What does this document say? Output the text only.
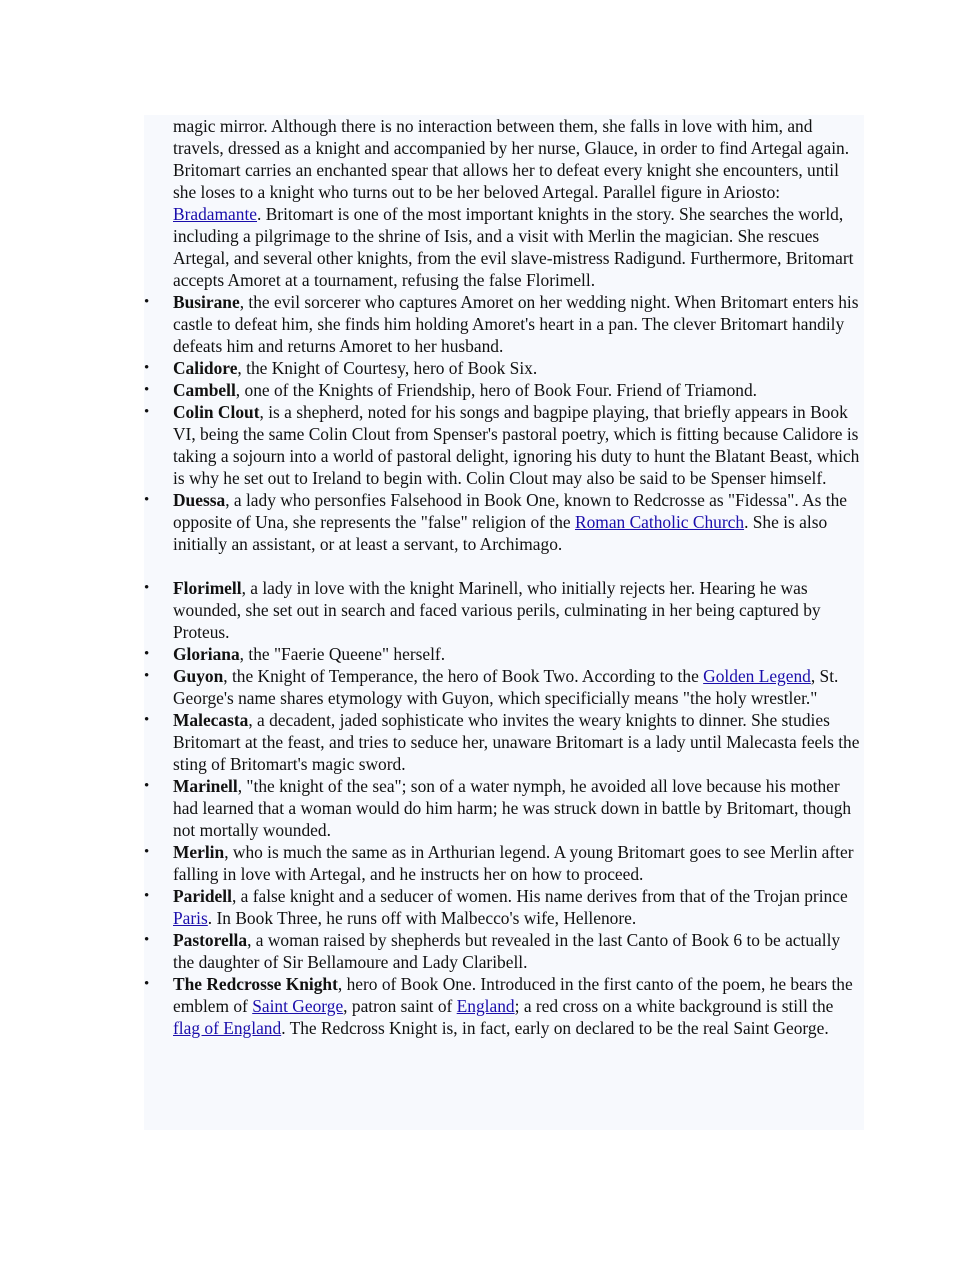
magic mirror. Although there is no interaction between them, she falls in love with him, and travels, dressed as a knight and accompanied by her nurse, Glauce, in order to find Artegal again. Britomart carries an enchanted spear that allows her to defeat every knight she encounters, until she loses to a knight who turns out to be her beloved Artegal. Parallel figure in Ariosto: Bradamante. Britomart is one of the most important knights in the story. She searches the world, including a pilgrimage to the shrine of Isis, and a visit with Merlin the magician. She rescues Artegal, and several other knights, from the evil slave-mistress Radigund. Furthermore, Britomart accepts Amoret at a tournament, refusing the false Florimell.

• Busirane, the evil sorcerer who captures Amoret on her wedding night. When Britomart enters his castle to defeat him, she finds him holding Amoret's heart in a pan. The clever Britomart handily defeats him and returns Amoret to her husband.
• Calidore, the Knight of Courtesy, hero of Book Six.
• Cambell, one of the Knights of Friendship, hero of Book Four. Friend of Triamond.
• Colin Clout, is a shepherd, noted for his songs and bagpipe playing, that briefly appears in Book VI, being the same Colin Clout from Spenser's pastoral poetry, which is fitting because Calidore is taking a sojourn into a world of pastoral delight, ignoring his duty to hunt the Blatant Beast, which is why he set out to Ireland to begin with. Colin Clout may also be said to be Spenser himself.
• Duessa, a lady who personfies Falsehood in Book One, known to Redcrosse as "Fidessa". As the opposite of Una, she represents the "false" religion of the Roman Catholic Church. She is also initially an assistant, or at least a servant, to Archimago.
• Florimell, a lady in love with the knight Marinell, who initially rejects her. Hearing he was wounded, she set out in search and faced various perils, culminating in her being captured by Proteus.
• Gloriana, the "Faerie Queene" herself.
• Guyon, the Knight of Temperance, the hero of Book Two. According to the Golden Legend, St. George's name shares etymology with Guyon, which specificially means "the holy wrestler."
• Malecasta, a decadent, jaded sophisticate who invites the weary knights to dinner. She studies Britomart at the feast, and tries to seduce her, unaware Britomart is a lady until Malecasta feels the sting of Britomart's magic sword.
• Marinell, "the knight of the sea"; son of a water nymph, he avoided all love because his mother had learned that a woman would do him harm; he was struck down in battle by Britomart, though not mortally wounded.
• Merlin, who is much the same as in Arthurian legend. A young Britomart goes to see Merlin after falling in love with Artegal, and he instructs her on how to proceed.
• Paridell, a false knight and a seducer of women. His name derives from that of the Trojan prince Paris. In Book Three, he runs off with Malbecco's wife, Hellenore.
• Pastorella, a woman raised by shepherds but revealed in the last Canto of Book 6 to be actually the daughter of Sir Bellamoure and Lady Claribell.
• The Redcrosse Knight, hero of Book One. Introduced in the first canto of the poem, he bears the emblem of Saint George, patron saint of England; a red cross on a white background is still the flag of England. The Redcross Knight is, in fact, early on declared to be the real Saint George.
